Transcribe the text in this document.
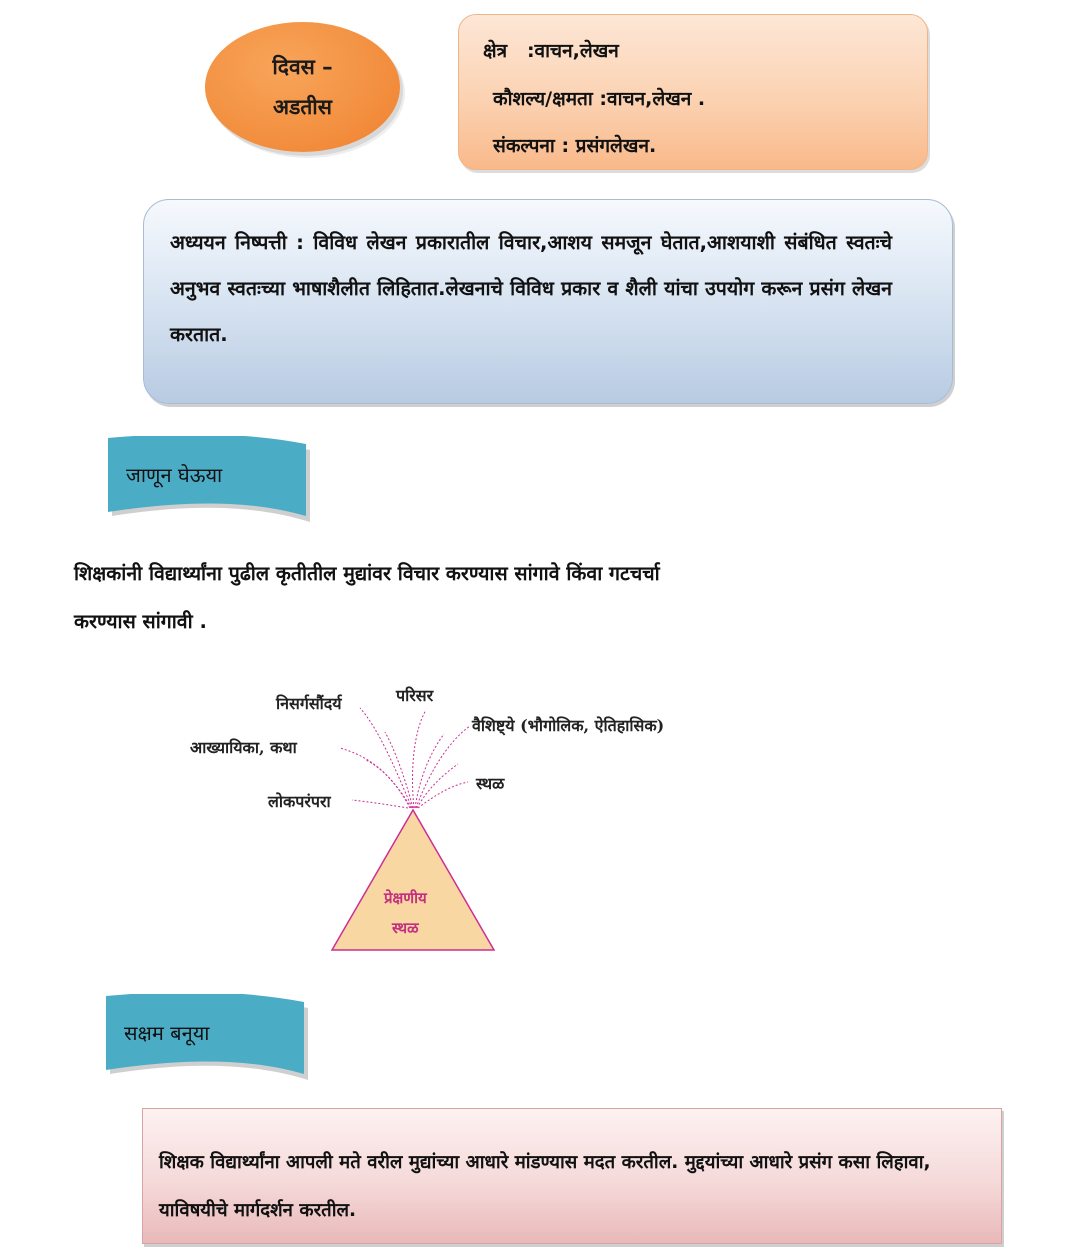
दिवस –
अडतीस
क्षेत्र   :वाचन,लेखन
कौशल्य/क्षमता :वाचन,लेखन .
संकल्पना : प्रसंगलेखन.
अध्ययन निष्पत्ती : विविध लेखन प्रकारातील विचार,आशय समजून घेतात,आशयाशी संबंधित स्वतःचे अनुभव स्वतःच्या भाषाशैलीत लिहितात.लेखनाचे विविध प्रकार व शैली यांचा उपयोग करून प्रसंग लेखन करतात.
जाणून घेऊया
शिक्षकांनी विद्यार्थ्यांना पुढील कृतीतील मुद्यांवर विचार करण्यास सांगावे किंवा गटचर्चा
करण्यास सांगावी .
निसर्गसौंदर्य	परिसर
वैशिष्ट्ये (भौगोलिक, ऐतिहासिक)
आख्यायिका, कथा
स्थळ
लोकपरंपरा
प्रेक्षणीय
स्थळ
सक्षम बनूया
शिक्षक विद्यार्थ्यांना आपली मते वरील मुद्यांच्या आधारे मांडण्यास मदत करतील. मुद्दयांच्या आधारे प्रसंग कसा लिहावा, याविषयीचे मार्गदर्शन करतील.
